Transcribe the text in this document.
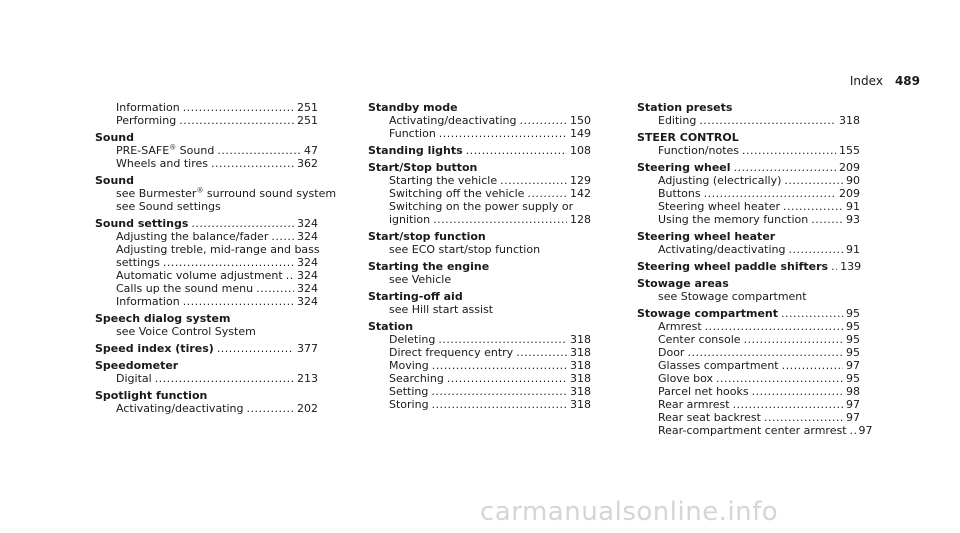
Index 489
Information .....	251
Performing .....	251
Sound
PRE-SAFE® Sound .....	47
Wheels and tires .....	362
Sound
see Burmester® surround sound system
see Sound settings
Sound settings .....	324
Adjusting the balance/fader .....	324
Adjusting treble, mid-range and bass
settings .....	324
Automatic volume adjustment ..... 324
Calls up the sound menu .....	324
Information .....	324
Speech dialog system
see Voice Control System
Speed index (tires) .....	377
Speedometer
Digital .....	213
Spotlight function
Activating/deactivating .....	202
Standby mode
Activating/deactivating .....	150
Function .....	149
Standing lights .....	108
Start/Stop button
Starting the vehicle .....	129
Switching off the vehicle .....	142
Switching on the power supply or
ignition .....	128
Start/stop function
see ECO start/stop function
Starting the engine
see Vehicle
Starting-off aid
see Hill start assist
Station
Deleting .....	318
Direct frequency entry .....	318
Moving .....	318
Searching .....	318
Setting .....	318
Storing .....	318
Station presets
Editing .....	318
STEER CONTROL
Function/notes .....	155
Steering wheel .....	209
Adjusting (electrically) .....	90
Buttons .....	209
Steering wheel heater .....	91
Using the memory function .....	93
Steering wheel heater
Activating/deactivating .....	91
Steering wheel paddle shifters ..... 139
Stowage areas
see Stowage compartment
Stowage compartment .....	95
Armrest .....	95
Center console .....	95
Door .....	95
Glasses compartment .....	97
Glove box .....	95
Parcel net hooks .....	98
Rear armrest .....	97
Rear seat backrest .....	97
Rear-compartment center armrest ..... 97
carmanualsonline.info
